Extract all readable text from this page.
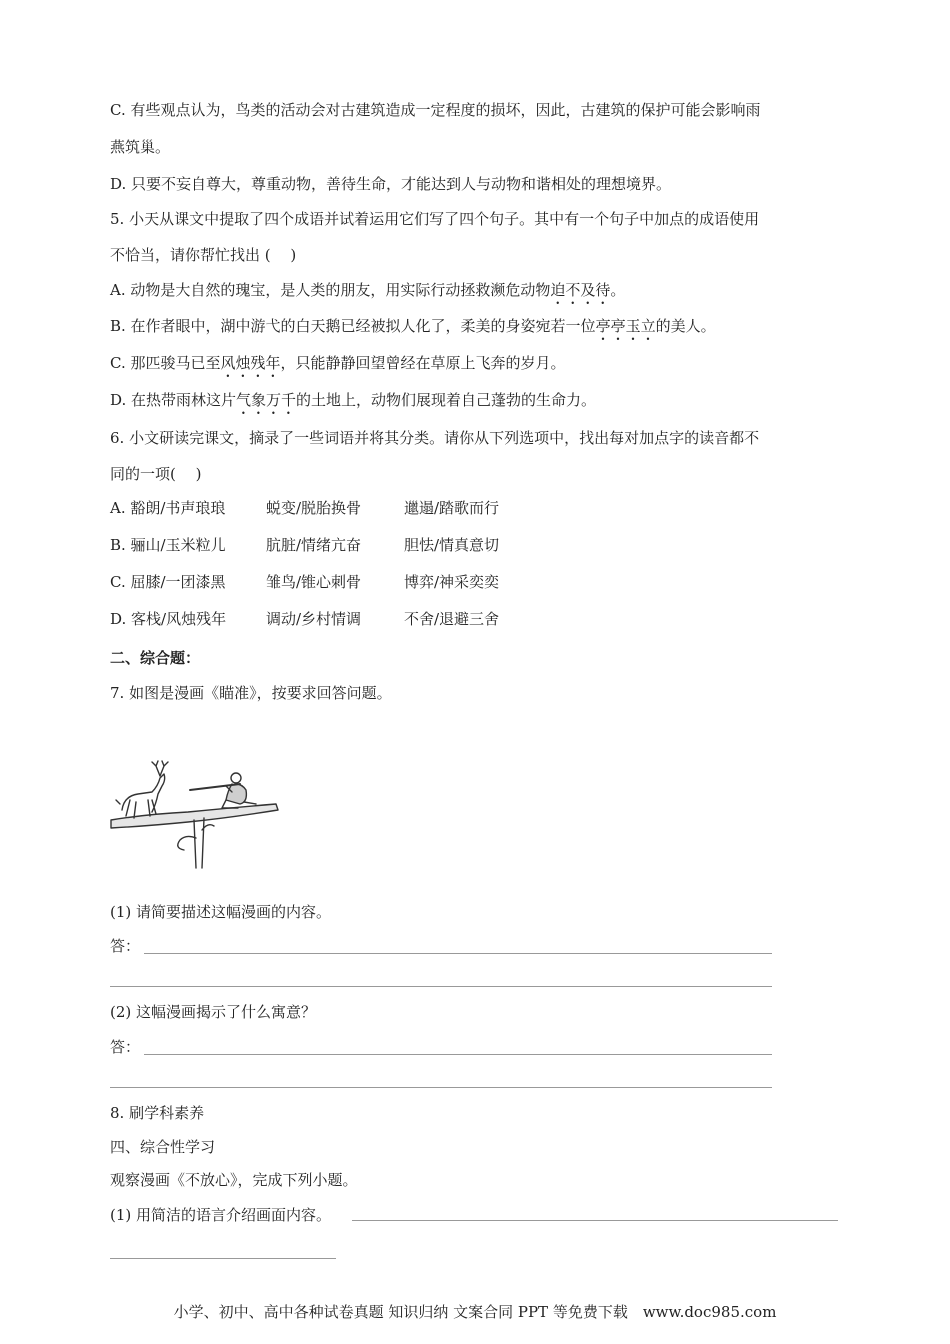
C. 有些观点认为，鸟类的活动会对古建筑造成一定程度的损坏，因此，古建筑的保护可能会影响雨
燕筑巢。
D. 只要不妄自尊大，尊重动物，善待生命，才能达到人与动物和谐相处的理想境界。
5. 小天从课文中提取了四个成语并试着运用它们写了四个句子。其中有一个句子中加点的成语使用
不恰当，请你帮忙找出 (　 )
A. 动物是大自然的瑰宝，是人类的朋友，用实际行动拯救濒危动物迫不及待。
B. 在作者眼中，湖中游弋的白天鹅已经被拟人化了，柔美的身姿宛若一位亭亭玉立的美人。
C. 那匹骏马已至风烛残年，只能静静回望曾经在草原上飞奔的岁月。
D. 在热带雨林这片气象万千的土地上，动物们展现着自己蓬勃的生命力。
6. 小文研读完课文，摘录了一些词语并将其分类。请你从下列选项中，找出每对加点字的读音都不
同的一项(　 )
A. 豁朗/书声琅琅	蜕变/脱胎换骨	邋遢/踏歌而行
B. 骊山/玉米粒儿	肮脏/情绪亢奋	胆怯/情真意切
C. 屈膝/一团漆黑	雏鸟/锥心刺骨	博弈/神采奕奕
D. 客栈/风烛残年	调动/乡村情调	不舍/退避三舍
二、综合题：
7. 如图是漫画《瞄准》，按要求回答问题。
(1) 请简要描述这幅漫画的内容。
答：
(2) 这幅漫画揭示了什么寓意？
答：
8. 刷学科素养
四、综合性学习
观察漫画《不放心》，完成下列小题。
(1) 用简洁的语言介绍画面内容。
小学、初中、高中各种试卷真题 知识归纳 文案合同 PPT 等免费下载　www.doc985.com
